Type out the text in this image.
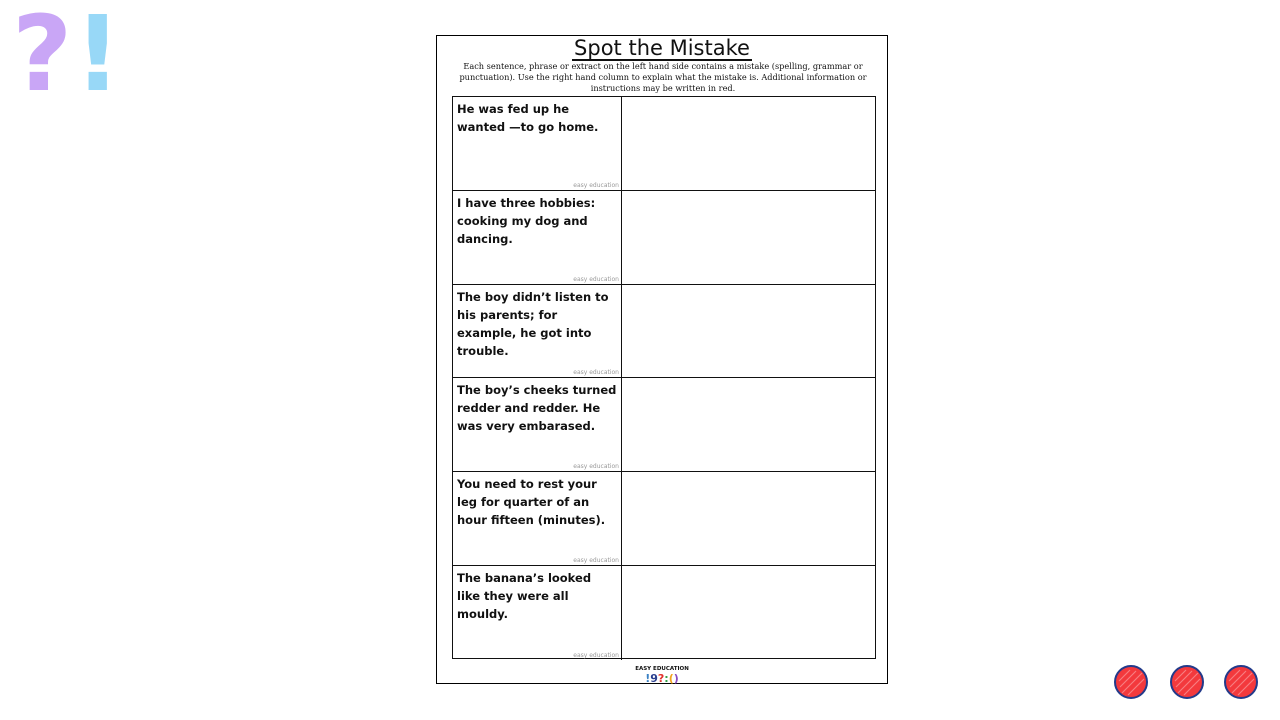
? !	Spot the Mistake
Each sentence, phrase or extract on the left hand side contains a mistake (spelling, grammar or punctuation). Use the right hand column to explain what the mistake is. Additional information or instructions may be written in red.
He was fed up he wanted —to go home.
easy education
I have three hobbies: cooking my dog and dancing.
easy education
The boy didn’t listen to his parents; for example, he got into trouble.
easy education
The boy’s cheeks turned redder and redder. He was very embarased.
easy education
You need to rest your leg for quarter of an hour fifteen (minutes).
easy education
The banana’s looked like they were all mouldy.
easy education
EASY EDUCATION
!9?:()
